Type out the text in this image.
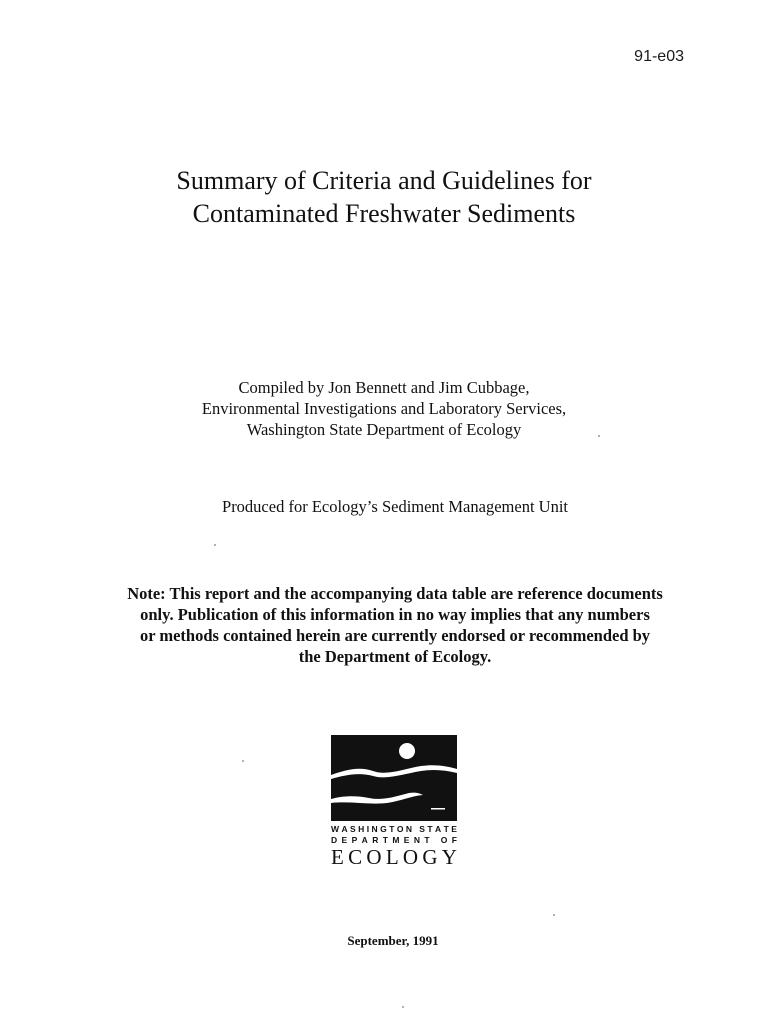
91-e03
Summary of Criteria and Guidelines for
Contaminated Freshwater Sediments
Compiled by Jon Bennett and Jim Cubbage,
Environmental Investigations and Laboratory Services,
Washington State Department of Ecology
Produced for Ecology’s Sediment Management Unit
Note: This report and the accompanying data table are reference documents
only. Publication of this information in no way implies that any numbers
or methods contained herein are currently endorsed or recommended by
the Department of Ecology.
W A S H I N G T O N
S T A T E
D E P A R T M E N T
O F
E C O L O G Y
September, 1991
